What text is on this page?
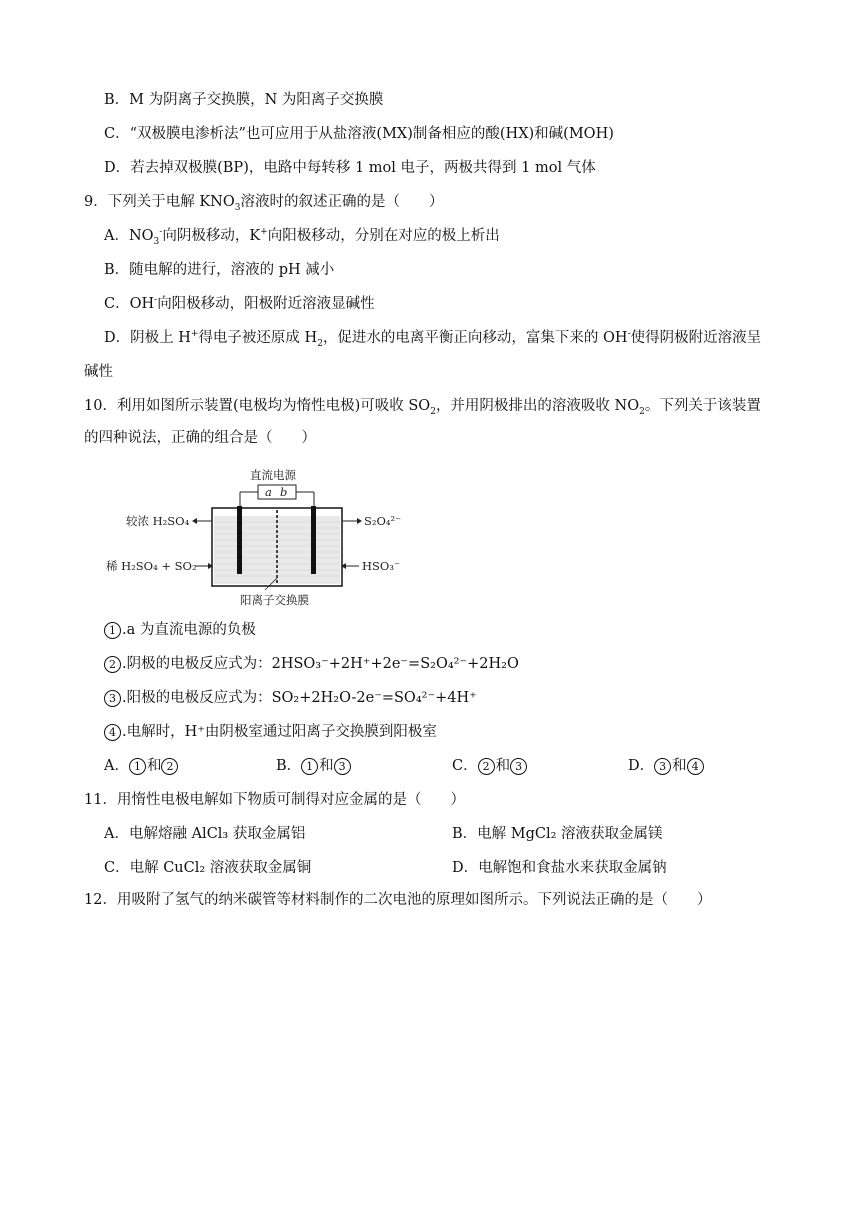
B．M 为阴离子交换膜，N 为阳离子交换膜
C．“双极膜电渗析法”也可应用于从盐溶液(MX)制备相应的酸(HX)和碱(MOH)
D．若去掉双极膜(BP)，电路中每转移 1 mol 电子，两极共得到 1 mol 气体
9．下列关于电解 $KNO_3$溶液时的叙述正确的是（　　）
A．$NO_3^-$向阴极移动，K+向阳极移动，分别在对应的极上析出
B．随电解的进行，溶液的 pH 减小
C．OH-向阳极移动，阳极附近溶液显碱性
D．阴极上 H+得电子被还原成 $H_2$，促进水的电离平衡正向移动，富集下来的 OH-使得阴极附近溶液呈
碱性
10．利用如图所示装置(电极均为惰性电极)可吸收 $SO_2$，并用阴极排出的溶液吸收 $NO_2$。下列关于该装置
的四种说法，正确的组合是（　　）
直流电源
a b
阳离子交换膜
较浓 H₂SO₄
稀 H₂SO₄ + SO₂
S₂O₄²⁻
HSO₃⁻
1 .a 为直流电源的负极
2 .阴极的电极反应式为：2HSO₃⁻+2H⁺+2e⁻=S₂O₄²⁻+2H₂O
3 .阳极的电极反应式为：SO₂+2H₂O-2e⁻=SO₄²⁻+4H⁺
4 .电解时，H⁺由阴极室通过阳离子交换膜到阳极室
A． 1 和 2	B． 1 和 3	C． 2 和 3	D． 3 和 4
11．用惰性电极电解如下物质可制得对应金属的是（　　）
A．电解熔融 AlCl₃ 获取金属铝	B．电解 MgCl₂ 溶液获取金属镁
C．电解 CuCl₂ 溶液获取金属铜	D．电解饱和食盐水来获取金属钠
12．用吸附了氢气的纳米碳管等材料制作的二次电池的原理如图所示。下列说法正确的是（　　）
